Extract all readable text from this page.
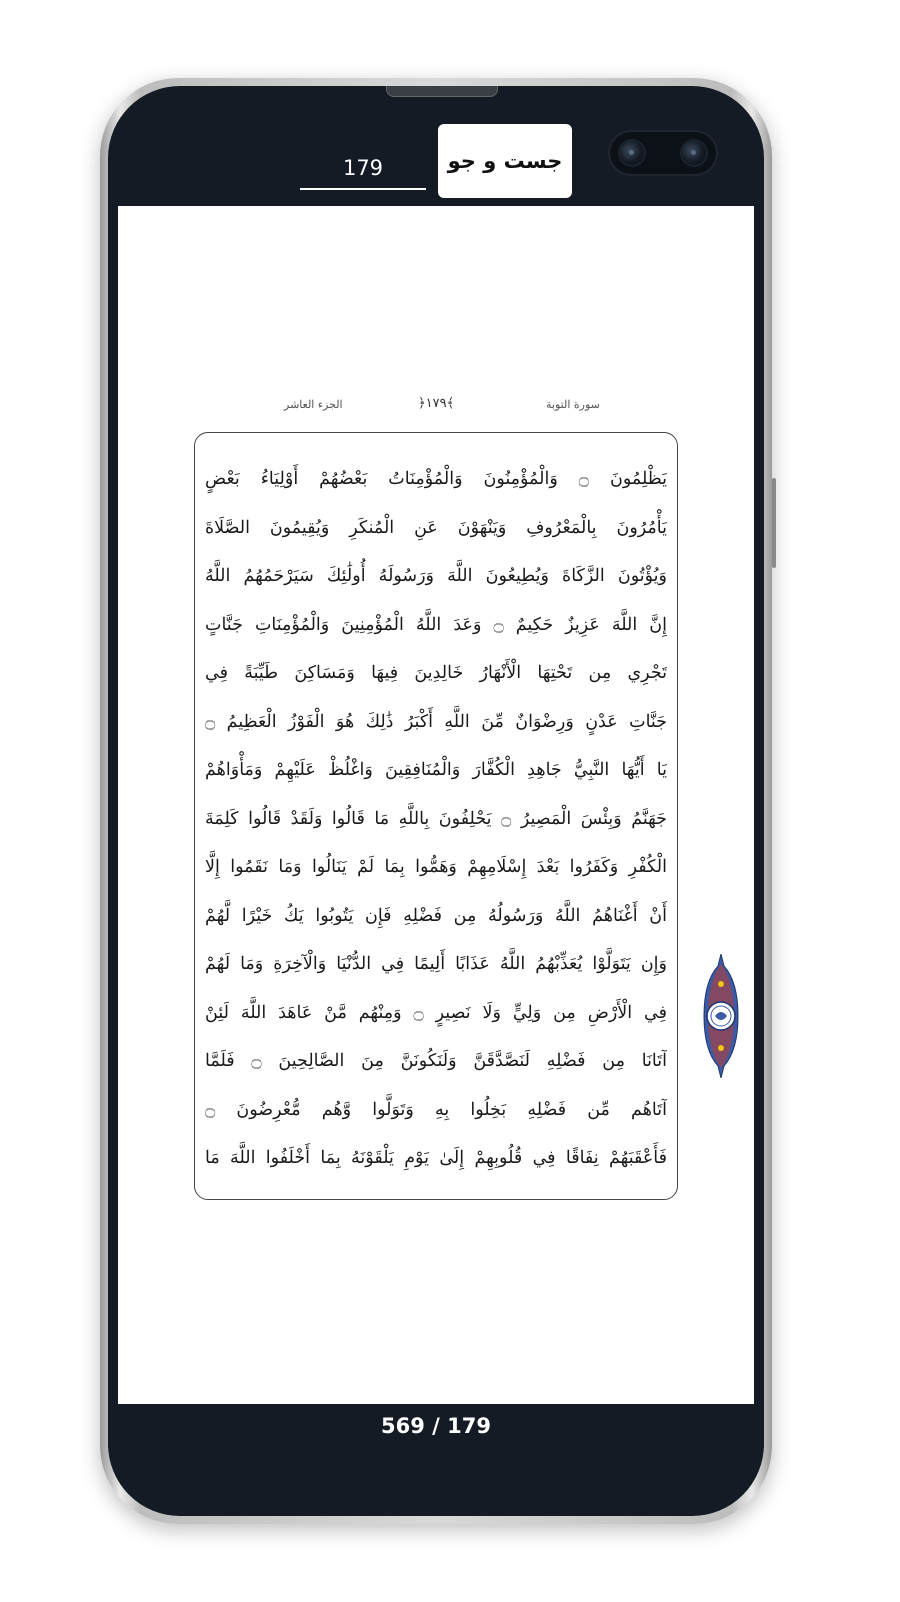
179
جست و جو
الجزء العاشر	﴿١٧٩﴾	سورة التوبة
يَظْلِمُونَ ۝ وَالْمُؤْمِنُونَ وَالْمُؤْمِنَاتُ بَعْضُهُمْ أَوْلِيَاءُ بَعْضٍ
يَأْمُرُونَ بِالْمَعْرُوفِ وَيَنْهَوْنَ عَنِ الْمُنكَرِ وَيُقِيمُونَ الصَّلَاةَ
وَيُؤْتُونَ الزَّكَاةَ وَيُطِيعُونَ اللَّهَ وَرَسُولَهُ أُولَٰئِكَ سَيَرْحَمُهُمُ اللَّهُ
إِنَّ اللَّهَ عَزِيزٌ حَكِيمٌ ۝ وَعَدَ اللَّهُ الْمُؤْمِنِينَ وَالْمُؤْمِنَاتِ جَنَّاتٍ
تَجْرِي مِن تَحْتِهَا الْأَنْهَارُ خَالِدِينَ فِيهَا وَمَسَاكِنَ طَيِّبَةً فِي
جَنَّاتِ عَدْنٍ وَرِضْوَانٌ مِّنَ اللَّهِ أَكْبَرُ ذَٰلِكَ هُوَ الْفَوْزُ الْعَظِيمُ ۝
يَا أَيُّهَا النَّبِيُّ جَاهِدِ الْكُفَّارَ وَالْمُنَافِقِينَ وَاغْلُظْ عَلَيْهِمْ وَمَأْوَاهُمْ
جَهَنَّمُ وَبِئْسَ الْمَصِيرُ ۝ يَحْلِفُونَ بِاللَّهِ مَا قَالُوا وَلَقَدْ قَالُوا كَلِمَةَ
الْكُفْرِ وَكَفَرُوا بَعْدَ إِسْلَامِهِمْ وَهَمُّوا بِمَا لَمْ يَنَالُوا وَمَا نَقَمُوا إِلَّا
أَنْ أَغْنَاهُمُ اللَّهُ وَرَسُولُهُ مِن فَضْلِهِ فَإِن يَتُوبُوا يَكُ خَيْرًا لَّهُمْ
وَإِن يَتَوَلَّوْا يُعَذِّبْهُمُ اللَّهُ عَذَابًا أَلِيمًا فِي الدُّنْيَا وَالْآخِرَةِ وَمَا لَهُمْ
فِي الْأَرْضِ مِن وَلِيٍّ وَلَا نَصِيرٍ ۝ وَمِنْهُم مَّنْ عَاهَدَ اللَّهَ لَئِنْ
آتَانَا مِن فَضْلِهِ لَنَصَّدَّقَنَّ وَلَنَكُونَنَّ مِنَ الصَّالِحِينَ ۝ فَلَمَّا
آتَاهُم مِّن فَضْلِهِ بَخِلُوا بِهِ وَتَوَلَّوا وَّهُم مُّعْرِضُونَ ۝
فَأَعْقَبَهُمْ نِفَاقًا فِي قُلُوبِهِمْ إِلَىٰ يَوْمِ يَلْقَوْنَهُ بِمَا أَخْلَفُوا اللَّهَ مَا
569 / 179
